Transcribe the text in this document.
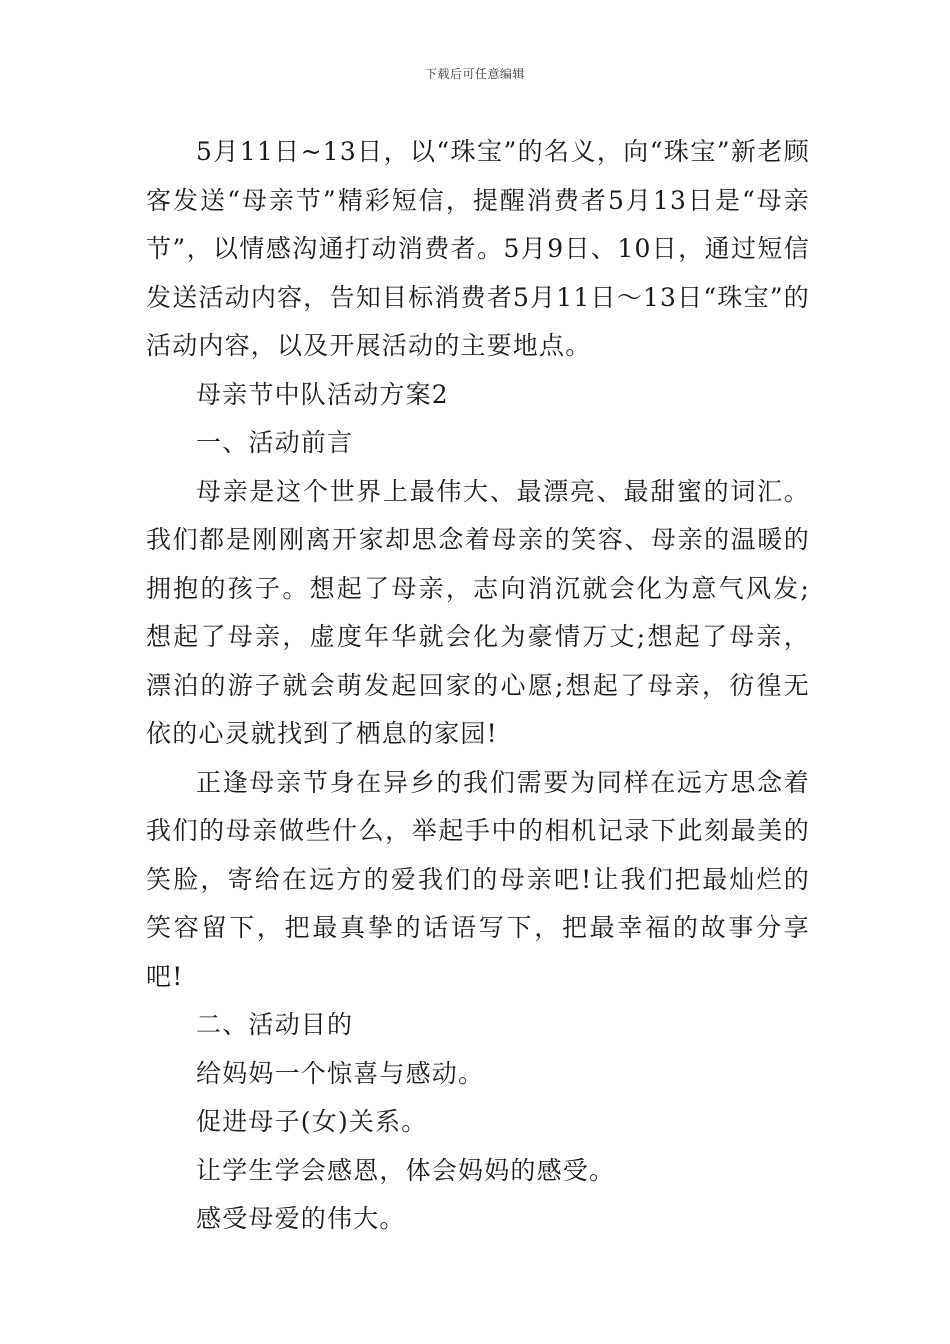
下载后可任意编辑

5月11日~13日，以“珠宝”的名义，向“珠宝”新老顾客发送“母亲节”精彩短信，提醒消费者5月13日是“母亲节”，以情感沟通打动消费者。5月9日、10日，通过短信发送活动内容，告知目标消费者5月11日～13日“珠宝”的活动内容，以及开展活动的主要地点。

母亲节中队活动方案2

一、活动前言

母亲是这个世界上最伟大、最漂亮、最甜蜜的词汇。我们都是刚刚离开家却思念着母亲的笑容、母亲的温暖的拥抱的孩子。想起了母亲，志向消沉就会化为意气风发;想起了母亲，虚度年华就会化为豪情万丈;想起了母亲，漂泊的游子就会萌发起回家的心愿;想起了母亲，彷徨无依的心灵就找到了栖息的家园!

正逢母亲节身在异乡的我们需要为同样在远方思念着我们的母亲做些什么，举起手中的相机记录下此刻最美的笑脸，寄给在远方的爱我们的母亲吧!让我们把最灿烂的笑容留下，把最真挚的话语写下，把最幸福的故事分享吧!

二、活动目的

给妈妈一个惊喜与感动。

促进母子(女)关系。

让学生学会感恩，体会妈妈的感受。

感受母爱的伟大。
